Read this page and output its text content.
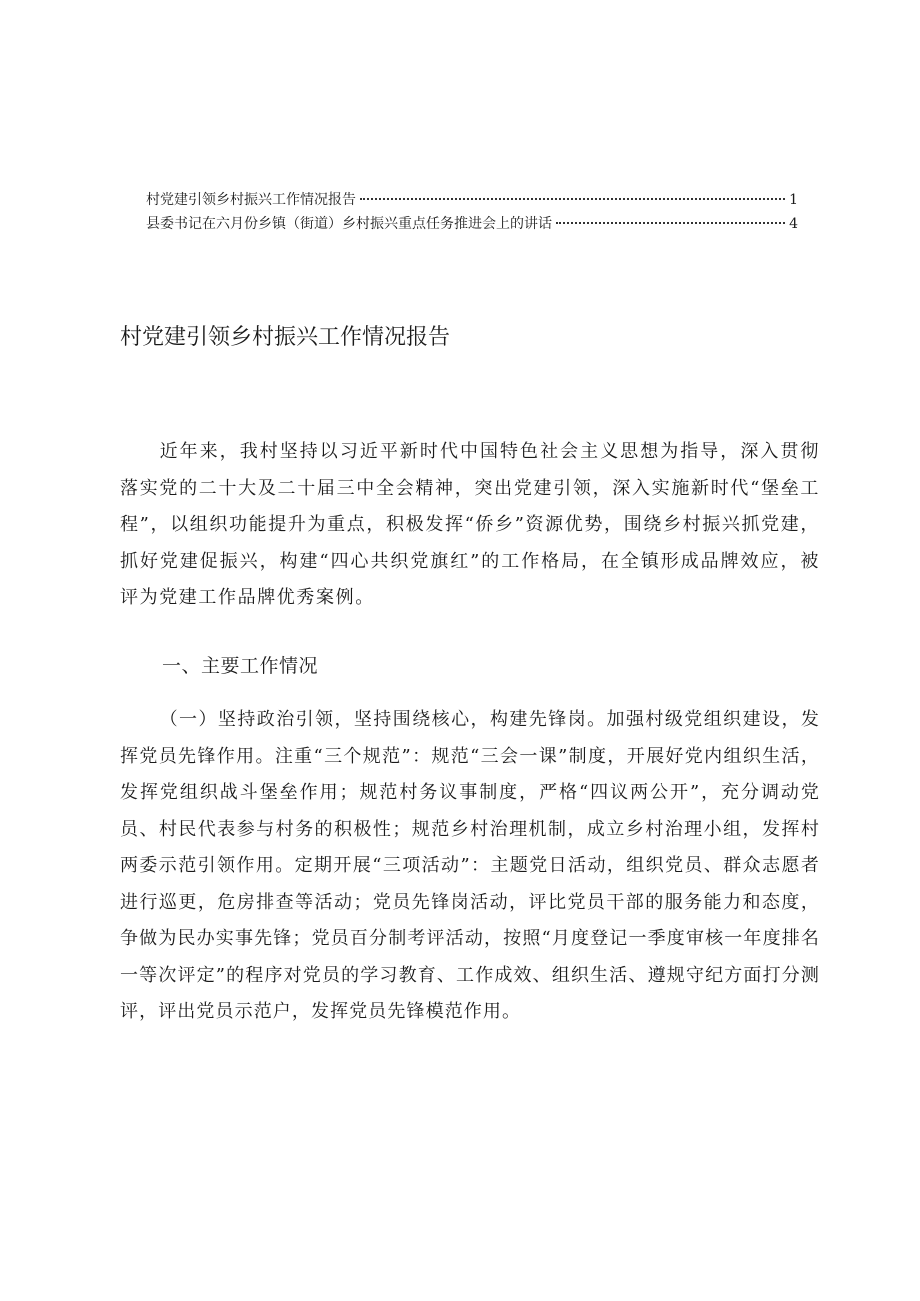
村党建引领乡村振兴工作情况报告	1
县委书记在六月份乡镇（街道）乡村振兴重点任务推进会上的讲话	4
村党建引领乡村振兴工作情况报告

近年来，我村坚持以习近平新时代中国特色社会主义思想为指导，深入贯彻落实党的二十大及二十届三中全会精神，突出党建引领，深入实施新时代“堡垒工程”，以组织功能提升为重点，积极发挥“侨乡”资源优势，围绕乡村振兴抓党建，抓好党建促振兴，构建“四心共织党旗红”的工作格局，在全镇形成品牌效应，被评为党建工作品牌优秀案例。

一、主要工作情况

（一）坚持政治引领，坚持围绕核心，构建先锋岗。加强村级党组织建设，发挥党员先锋作用。注重“三个规范”：规范“三会一课”制度，开展好党内组织生活，发挥党组织战斗堡垒作用；规范村务议事制度，严格“四议两公开”，充分调动党员、村民代表参与村务的积极性；规范乡村治理机制，成立乡村治理小组，发挥村两委示范引领作用。定期开展“三项活动”：主题党日活动，组织党员、群众志愿者进行巡更，危房排查等活动；党员先锋岗活动，评比党员干部的服务能力和态度，争做为民办实事先锋；党员百分制考评活动，按照“月度登记一季度审核一年度排名一等次评定”的程序对党员的学习教育、工作成效、组织生活、遵规守纪方面打分测评，评出党员示范户，发挥党员先锋模范作用。
